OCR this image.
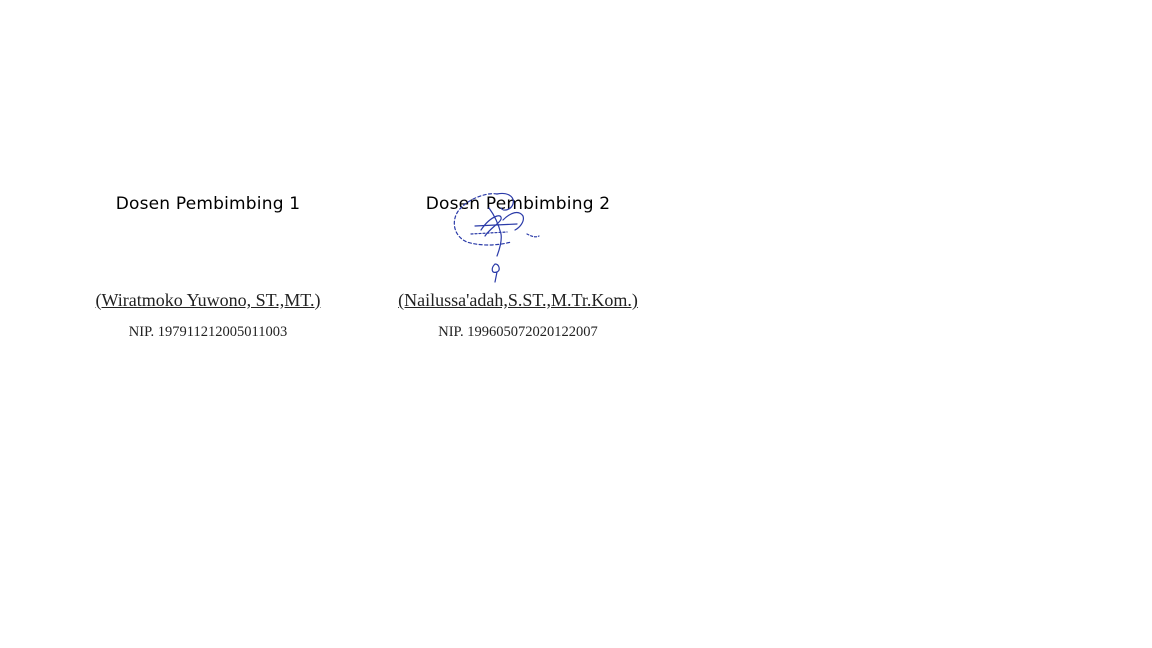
Dosen Pembimbing 1
(Wiratmoko Yuwono, ST.,MT.)
NIP. 197911212005011003
Dosen Pembimbing 2
(Nailussa'adah,S.ST.,M.Tr.Kom.)
NIP. 199605072020122007
